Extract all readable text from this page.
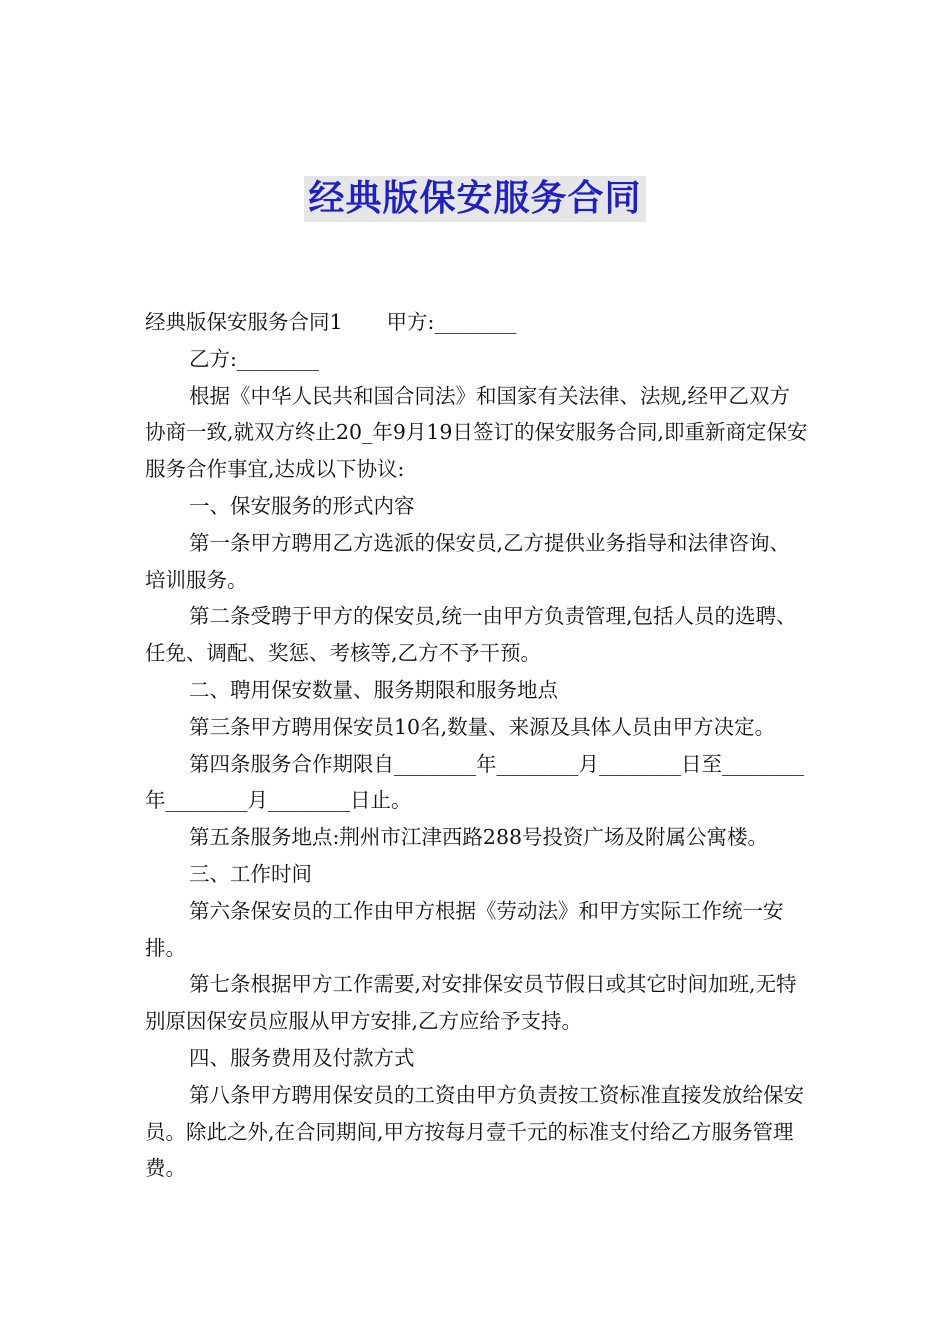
经典版保安服务合同

经典版保安服务合同1 甲方:________

乙方:________

根据《中华人民共和国合同法》和国家有关法律、法规,经甲乙双方协商一致,就双方终止20_年9月19日签订的保安服务合同,即重新商定保安服务合作事宜,达成以下协议:

一、保安服务的形式内容

第一条甲方聘用乙方选派的保安员,乙方提供业务指导和法律咨询、培训服务。

第二条受聘于甲方的保安员,统一由甲方负责管理,包括人员的选聘、任免、调配、奖惩、考核等,乙方不予干预。

二、聘用保安数量、服务期限和服务地点

第三条甲方聘用保安员10名,数量、来源及具体人员由甲方决定。

第四条服务合作期限自________年________月________日至________年________月________日止。

第五条服务地点:荆州市江津西路288号投资广场及附属公寓楼。

三、工作时间

第六条保安员的工作由甲方根据《劳动法》和甲方实际工作统一安排。

第七条根据甲方工作需要,对安排保安员节假日或其它时间加班,无特别原因保安员应服从甲方安排,乙方应给予支持。

四、服务费用及付款方式

第八条甲方聘用保安员的工资由甲方负责按工资标准直接发放给保安员。除此之外,在合同期间,甲方按每月壹千元的标准支付给乙方服务管理费。
